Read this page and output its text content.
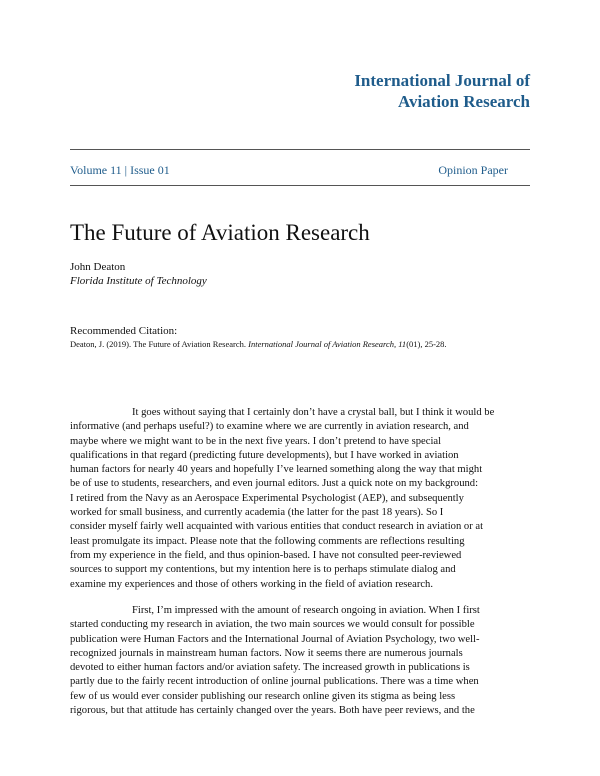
International Journal of
Aviation Research
Volume 11 | Issue 01	Opinion Paper
The Future of Aviation Research
John Deaton
Florida Institute of Technology
Recommended Citation:
Deaton, J. (2019). The Future of Aviation Research. International Journal of Aviation Research, 11(01), 25-28.
It goes without saying that I certainly don’t have a crystal ball, but I think it would be
informative (and perhaps useful?) to examine where we are currently in aviation research, and
maybe where we might want to be in the next five years. I don’t pretend to have special
qualifications in that regard (predicting future developments), but I have worked in aviation
human factors for nearly 40 years and hopefully I’ve learned something along the way that might
be of use to students, researchers, and even journal editors. Just a quick note on my background:
I retired from the Navy as an Aerospace Experimental Psychologist (AEP), and subsequently
worked for small business, and currently academia (the latter for the past 18 years). So I
consider myself fairly well acquainted with various entities that conduct research in aviation or at
least promulgate its impact. Please note that the following comments are reflections resulting
from my experience in the field, and thus opinion-based. I have not consulted peer-reviewed
sources to support my contentions, but my intention here is to perhaps stimulate dialog and
examine my experiences and those of others working in the field of aviation research.
First, I’m impressed with the amount of research ongoing in aviation. When I first
started conducting my research in aviation, the two main sources we would consult for possible
publication were Human Factors and the International Journal of Aviation Psychology, two well-
recognized journals in mainstream human factors. Now it seems there are numerous journals
devoted to either human factors and/or aviation safety. The increased growth in publications is
partly due to the fairly recent introduction of online journal publications. There was a time when
few of us would ever consider publishing our research online given its stigma as being less
rigorous, but that attitude has certainly changed over the years. Both have peer reviews, and the
